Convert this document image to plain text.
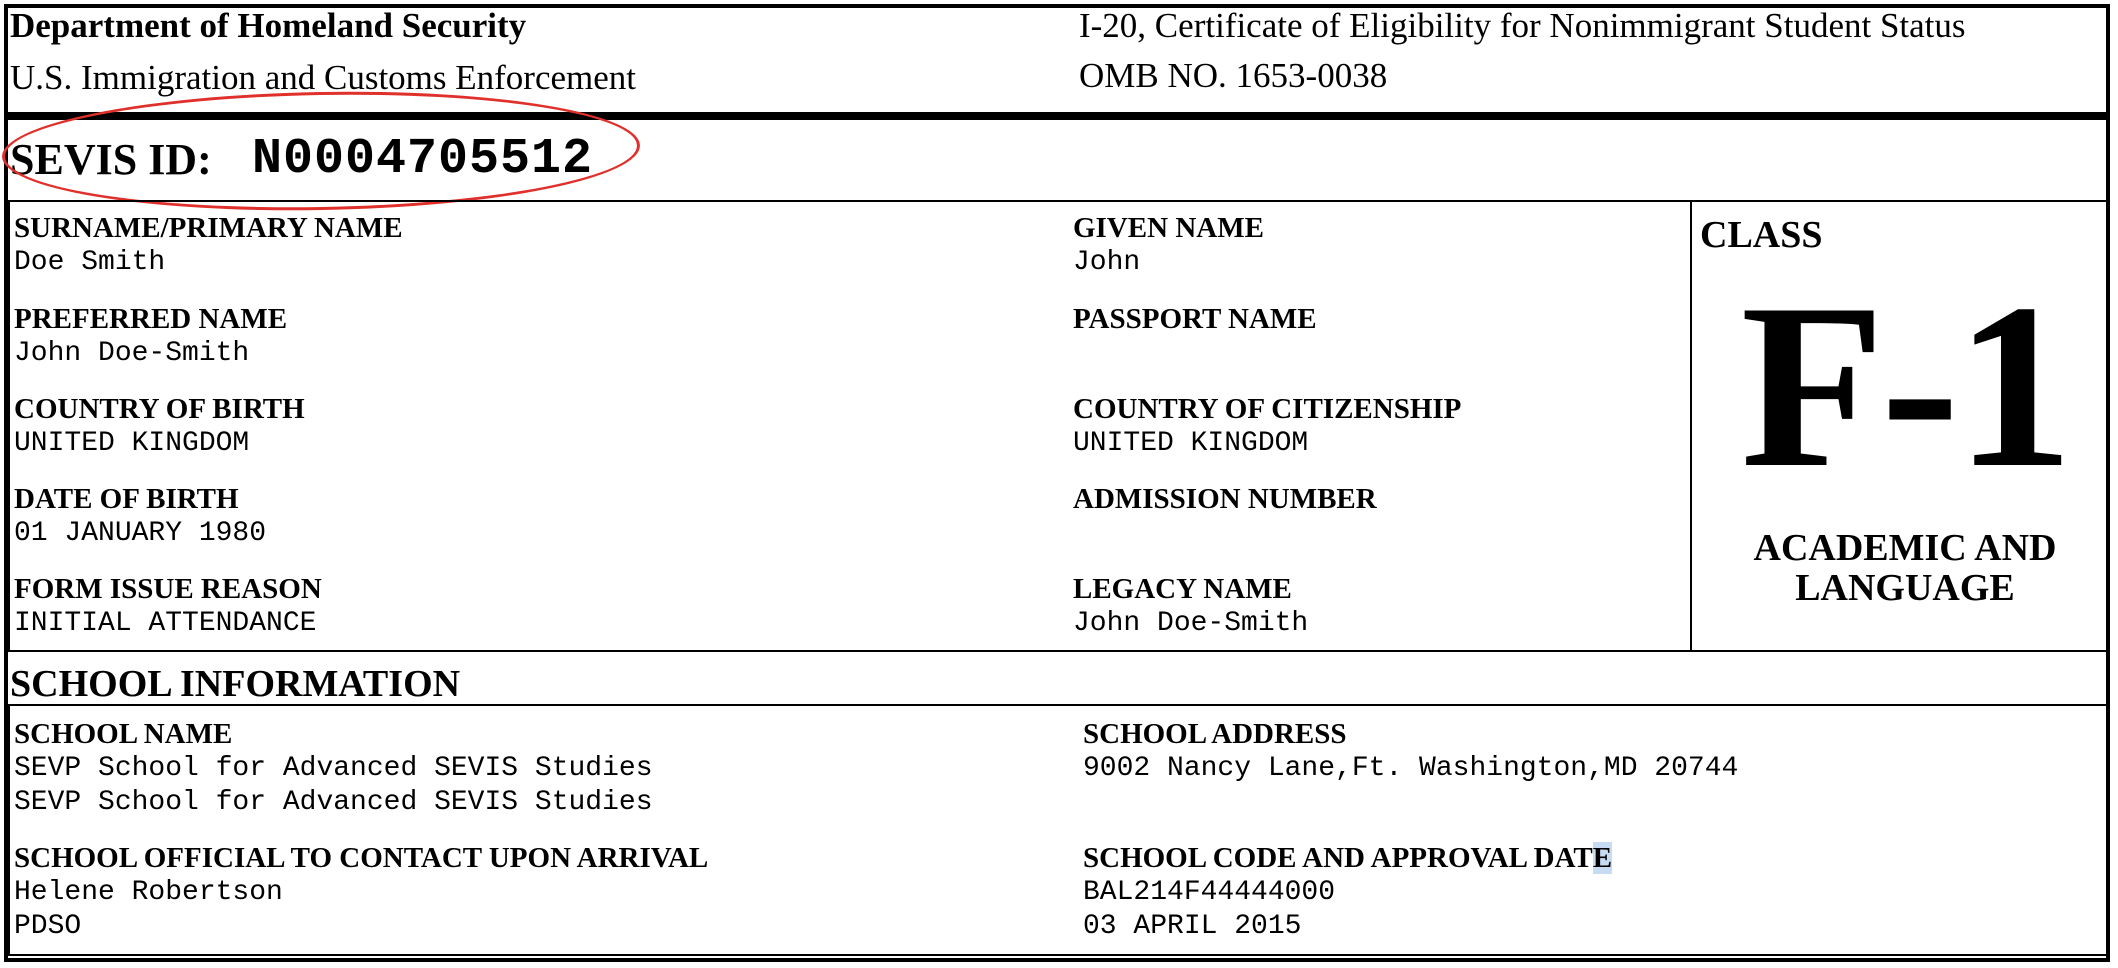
Department of Homeland Security
U.S. Immigration and Customs Enforcement
I-20, Certificate of Eligibility for Nonimmigrant Student Status
OMB NO. 1653-0038
SEVIS ID: N0004705512
SURNAME/PRIMARY NAME
Doe Smith
PREFERRED NAME
John Doe-Smith
COUNTRY OF BIRTH
UNITED KINGDOM
DATE OF BIRTH
01 JANUARY 1980
FORM ISSUE REASON
INITIAL ATTENDANCE
GIVEN NAME
John
PASSPORT NAME
COUNTRY OF CITIZENSHIP
UNITED KINGDOM
ADMISSION NUMBER
LEGACY NAME
John Doe-Smith
CLASS
F-1
ACADEMIC AND
LANGUAGE
SCHOOL INFORMATION
SCHOOL NAME
SEVP School for Advanced SEVIS Studies
SEVP School for Advanced SEVIS Studies
SCHOOL OFFICIAL TO CONTACT UPON ARRIVAL
Helene Robertson
PDSO
SCHOOL ADDRESS
9002 Nancy Lane,Ft. Washington,MD 20744
SCHOOL CODE AND APPROVAL DATE
BAL214F44444000
03 APRIL 2015
